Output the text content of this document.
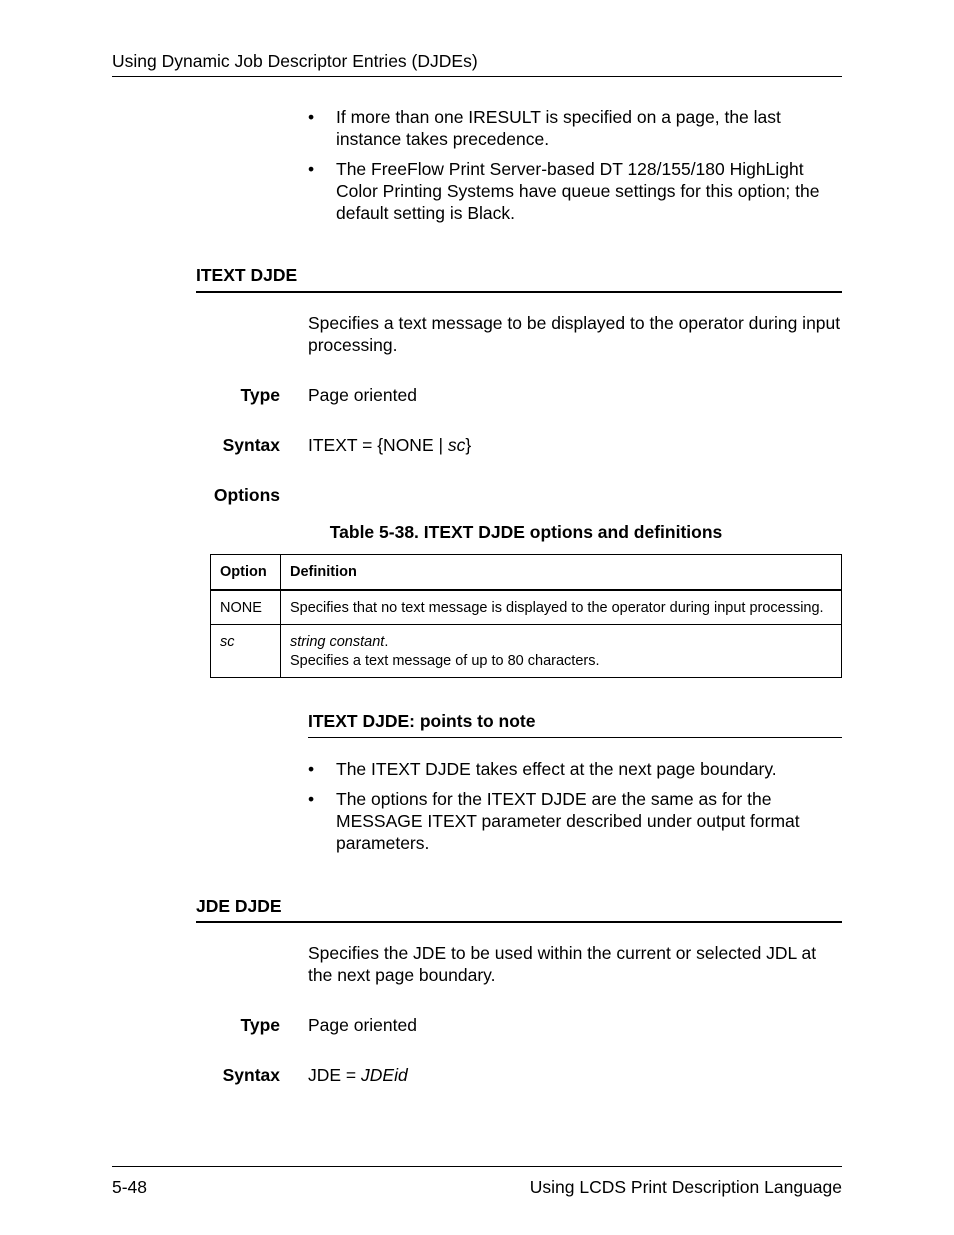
Using Dynamic Job Descriptor Entries (DJDEs)
• If more than one IRESULT is specified on a page, the last instance takes precedence.
• The FreeFlow Print Server-based DT 128/155/180 HighLight Color Printing Systems have queue settings for this option; the default setting is Black.
ITEXT DJDE
Specifies a text message to be displayed to the operator during input processing.
Type Page oriented
Syntax ITEXT = {NONE | sc}
Options
Table 5-38. ITEXT DJDE options and definitions
Option	Definition
NONE	Specifies that no text message is displayed to the operator during input processing.
sc	string constant.
Specifies a text message of up to 80 characters.
ITEXT DJDE: points to note
• The ITEXT DJDE takes effect at the next page boundary.
• The options for the ITEXT DJDE are the same as for the MESSAGE ITEXT parameter described under output format parameters.
JDE DJDE
Specifies the JDE to be used within the current or selected JDL at the next page boundary.
Type Page oriented
Syntax JDE = JDEid
5-48	Using LCDS Print Description Language
